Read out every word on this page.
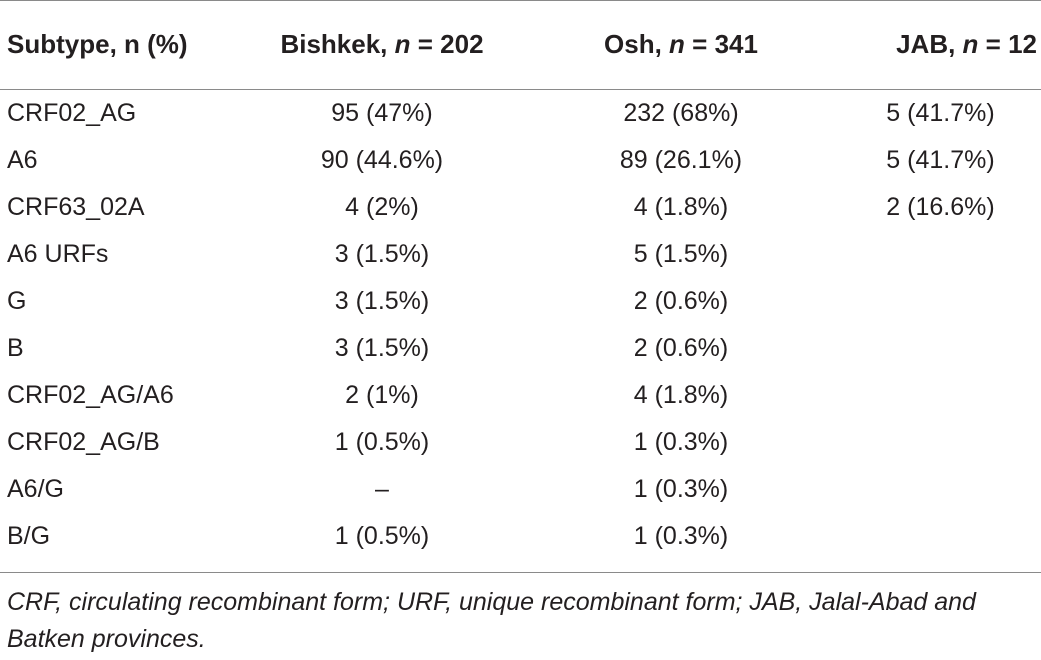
Subtype, n (%)	Bishkek, n = 202	Osh, n = 341	JAB, n = 12
CRF02_AG	95 (47%)	232 (68%)	5 (41.7%)
A6	90 (44.6%)	89 (26.1%)	5 (41.7%)
CRF63_02A	4 (2%)	4 (1.8%)	2 (16.6%)
A6 URFs	3 (1.5%)	5 (1.5%)	
G	3 (1.5%)	2 (0.6%)	
B	3 (1.5%)	2 (0.6%)	
CRF02_AG/A6	2 (1%)	4 (1.8%)	
CRF02_AG/B	1 (0.5%)	1 (0.3%)	
A6/G	–	1 (0.3%)	
B/G	1 (0.5%)	1 (0.3%)	
CRF, circulating recombinant form; URF, unique recombinant form; JAB, Jalal-Abad and Batken provinces.
